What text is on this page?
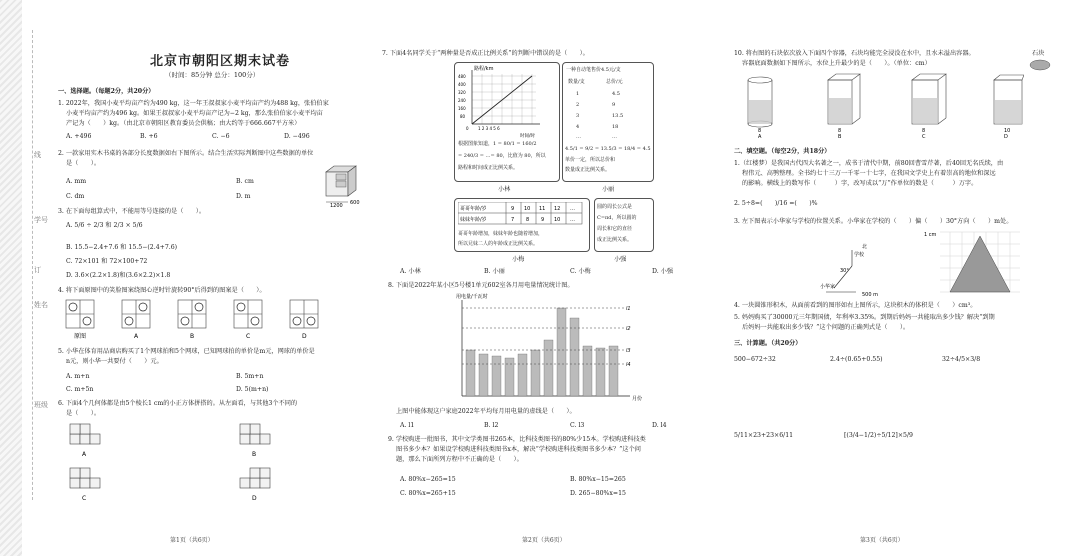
线
学号
订
姓名
班级
北京市朝阳区期末试卷
（时间：85分钟 总分：100分）
一、选择题。（每题2分，共20分）
1. 2022年，我国小麦平均亩产约为490 kg，这一年王叔叔家小麦平均亩产约为488 kg，张伯伯家
小麦平均亩产约为496 kg。如果王叔叔家小麦平均亩产记为−2 kg，那么张伯伯家小麦平均亩
产记为（　　）kg。（由北京市朝阳区教育委员会供稿；由大约等于666.667平方米）
A. +496	B. +6	C. −6	D. −496
2. 一款家用实木书桌的各部分长度数据如右下图所示。结合生活实际判断图中这些数据的单位
是（　　）。
A. mm	B. cm
C. dm	D. m
1200 600
3. 在下面每组算式中，不能用等号连接的是（　　）。
A. 5/6 ÷ 2/3 和 2/3 × 5/6
B. 15.5−2.4+7.6 和 15.5−(2.4+7.6)
C. 72×101 和 72×100+72
D. 3.6×(2.2×1.8)和(3.6×2.2)×1.8
4. 将下面原图中的笑脸图案绕图心逆时针旋转90°后得到的图案是（　　）。
原图	A	B	C	D
5. 小华在体育用品商店购买了1个网球拍和5个网球，已知网球拍的单价是m元，网球的单价是
n元，则小华一共要付（　　）元。
A. m+n	B. 5m+n
C. m+5n	D. 5(m+n)
6. 下面4个几何体都是由5个棱长1 cm的小正方体拼搭的。从左面看，与其他3个不同的
是（　　）。
A	B
C	D
第1页（共6页）
7. 下面4名同学关于“两种量是否成正比例关系”的判断中错误的是（　　）。
路程/km
480
400
320
240
160
80
0 1 2 3 4 5 6
时间/时
根据图象知道，1 = 80/1 = 160/2
= 240/3 = …= 80，比值为 80，所以
路程和时间成正比例关系。
小林
一种自动笔售价4.5元/支
数量/支	总价/元
1	4.5
2	9
3	13.5
4	18
…	…
4.5/1 = 9/2 = 13.5/3 = 18/4 = 4.5
单价一定，所以总价和
数量成正比例关系。
小丽
哥哥年龄/岁	9 10 11 12 …
妹妹年龄/岁	7 8 9 10 …
哥哥年龄增加，妹妹年龄也随着增加，
所以兄妹二人的年龄成正比例关系。
小梅
圆的周长公式是
C=πd，所以圆的
周长和它的直径
成正比例关系。
小强
A. 小林	B. 小丽	C. 小梅	D. 小强
8. 下面是2022年某小区5号楼1单元602室各月用电量情况统计图。
用电量/千瓦时
l1
l2
l3
l4
月份
上图中能体现这户家庭2022年平均每月用电量的虚线是（　　）。
A. l1	B. l2	C. l3	D. l4
9. 学校购进一批图书，其中文学类图书265本，比科技类图书的80%少15本。学校购进科技类
图书多少本？如果设学校购进科技类图书x本，解决“学校购进科技类图书多少本？”这个问
题，那么下面所列方程中不正确的是（　　）。
A. 80%x−265=15	B. 80%x−15=265
C. 80%x=265+15	D. 265−80%x=15
第2页（共6页）
10. 将右图的石块依次放入下面四个容器，石块均能完全浸没在水中，且水未溢出容器。
容器底面数据如下图所示，水位上升最少的是（　　）。（单位：cm）
石块
8	8	8	10
A	B	C	D
二、填空题。（每空2分，共18分）
1.（红楼梦）是我国古代四大名著之一，成书于清代中期，前80回曹雪芹著，后40回无名氏续，由
程伟元、高鹗整理。全书约七十三万一千零一十七字，在我国文学史上有着崇高的地位和深远
的影响。横线上的数写作（　　　）字，改写成以“万”作单位的数是（　　　）万字。
2. 5÷8=(　　)/16 =(　　)%
3. 左下图表示小华家与学校的位置关系。小华家在学校的（　　）偏（　　）30°方向（　　）m处。
学校
北
小华家
500 m
30°
1 cm
4. 一块圆锥形积木，从面前看到的图形如右上图所示，这块积木的体积是（　　）cm³。
5. 妈妈购买了30000元三年期国债，年利率3.35%。到期后妈妈一共能取出多少钱？解决“到期
后妈妈一共能取出多少钱？”这个问题的正确列式是（　　）。
三、计算题。（共20分）
500−672÷32	2.4÷(0.65+0.55)	32÷4/5×3/8
5/11×23+23×6/11	[(3/4−1/2)÷5/12]×5/9
第3页（共6页）
